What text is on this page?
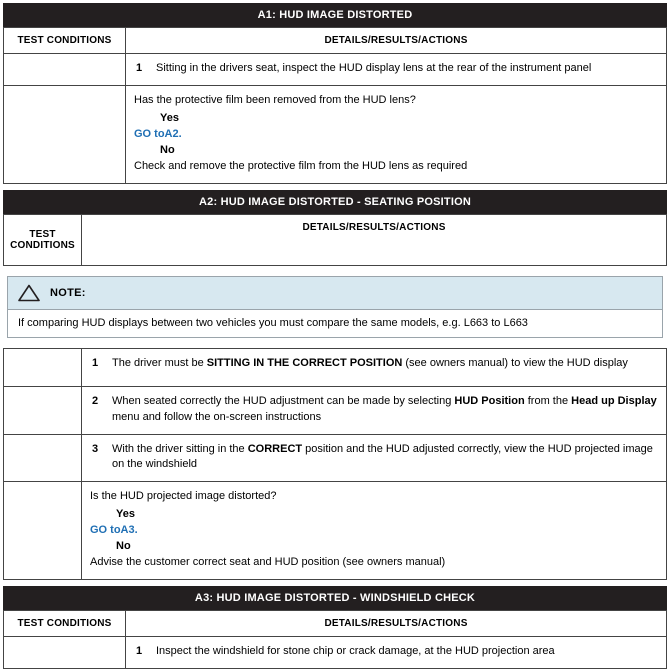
A1: HUD IMAGE DISTORTED
TEST CONDITIONS	DETAILS/RESULTS/ACTIONS

	1 Sitting in the drivers seat, inspect the HUD display lens at the rear of the instrument panel

	Has the protective film been removed from the HUD lens?
Yes
GO toA2.
No
Check and remove the protective film from the HUD lens as required
A2: HUD IMAGE DISTORTED - SEATING POSITION
TEST CONDITIONS	DETAILS/RESULTS/ACTIONS
NOTE:
If comparing HUD displays between two vehicles you must compare the same models, e.g. L663 to L663

	1 The driver must be SITTING IN THE CORRECT POSITION (see owners manual) to view the HUD display

	2 When seated correctly the HUD adjustment can be made by selecting HUD Position from the Head up Display menu and follow the on-screen instructions

	3 With the driver sitting in the CORRECT position and the HUD adjusted correctly, view the HUD projected image on the windshield

	Is the HUD projected image distorted?
Yes
GO toA3.
No
Advise the customer correct seat and HUD position (see owners manual)
A3: HUD IMAGE DISTORTED - WINDSHIELD CHECK
TEST CONDITIONS	DETAILS/RESULTS/ACTIONS

	1 Inspect the windshield for stone chip or crack damage, at the HUD projection area
